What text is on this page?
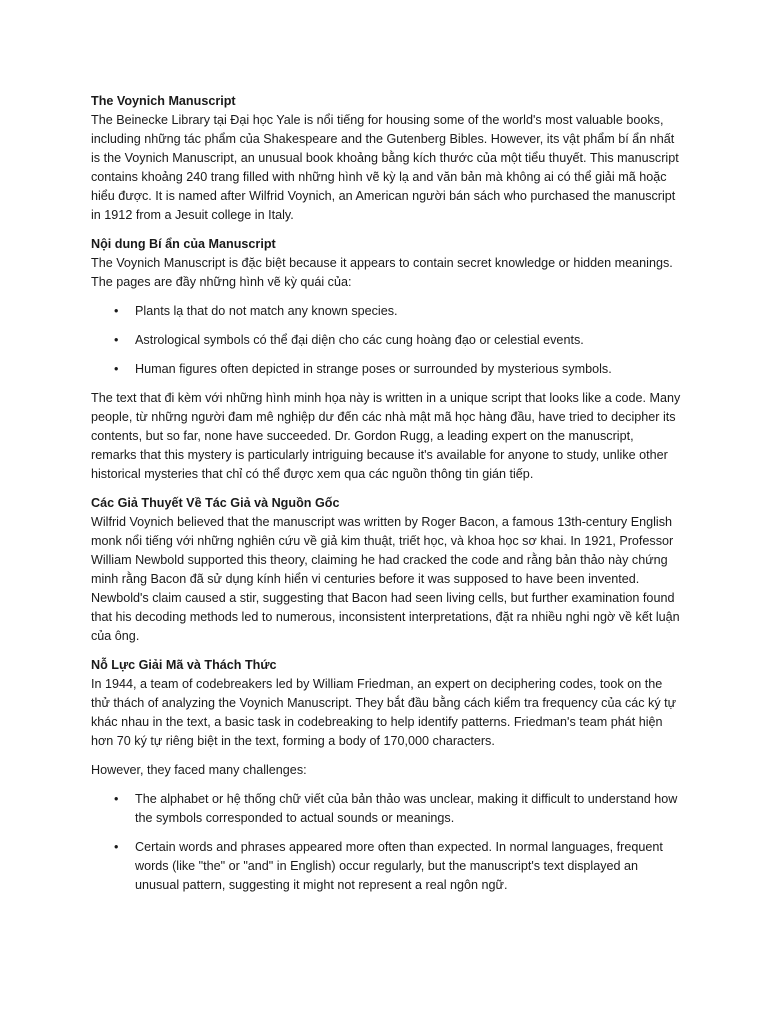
The Voynich Manuscript

The Beinecke Library tại Đại học Yale is nổi tiếng for housing some of the world's most valuable books, including những tác phẩm của Shakespeare and the Gutenberg Bibles. However, its vật phẩm bí ẩn nhất is the Voynich Manuscript, an unusual book khoảng bằng kích thước của một tiểu thuyết. This manuscript contains khoảng 240 trang filled with những hình vẽ kỳ lạ and văn bản mà không ai có thể giải mã hoặc hiểu được. It is named after Wilfrid Voynich, an American người bán sách who purchased the manuscript in 1912 from a Jesuit college in Italy.

Nội dung Bí ẩn của Manuscript

The Voynich Manuscript is đặc biệt because it appears to contain secret knowledge or hidden meanings. The pages are đầy những hình vẽ kỳ quái của:

• Plants lạ that do not match any known species.
• Astrological symbols có thể đại diện cho các cung hoàng đạo or celestial events.
• Human figures often depicted in strange poses or surrounded by mysterious symbols.

The text that đi kèm với những hình minh họa này is written in a unique script that looks like a code. Many people, từ những người đam mê nghiệp dư đến các nhà mật mã học hàng đầu, have tried to decipher its contents, but so far, none have succeeded. Dr. Gordon Rugg, a leading expert on the manuscript, remarks that this mystery is particularly intriguing because it's available for anyone to study, unlike other historical mysteries that chỉ có thể được xem qua các nguồn thông tin gián tiếp.

Các Giả Thuyết Về Tác Giả và Nguồn Gốc

Wilfrid Voynich believed that the manuscript was written by Roger Bacon, a famous 13th-century English monk nổi tiếng với những nghiên cứu về giả kim thuật, triết học, và khoa học sơ khai. In 1921, Professor William Newbold supported this theory, claiming he had cracked the code and rằng bản thảo này chứng minh rằng Bacon đã sử dụng kính hiển vi centuries before it was supposed to have been invented. Newbold's claim caused a stir, suggesting that Bacon had seen living cells, but further examination found that his decoding methods led to numerous, inconsistent interpretations, đặt ra nhiều nghi ngờ về kết luận của ông.

Nỗ Lực Giải Mã và Thách Thức

In 1944, a team of codebreakers led by William Friedman, an expert on deciphering codes, took on the thử thách of analyzing the Voynich Manuscript. They bắt đầu bằng cách kiểm tra frequency của các ký tự khác nhau in the text, a basic task in codebreaking to help identify patterns. Friedman's team phát hiện hơn 70 ký tự riêng biệt in the text, forming a body of 170,000 characters.

However, they faced many challenges:

• The alphabet or hệ thống chữ viết của bản thảo was unclear, making it difficult to understand how the symbols corresponded to actual sounds or meanings.
• Certain words and phrases appeared more often than expected. In normal languages, frequent words (like "the" or "and" in English) occur regularly, but the manuscript's text displayed an unusual pattern, suggesting it might not represent a real ngôn ngữ.
